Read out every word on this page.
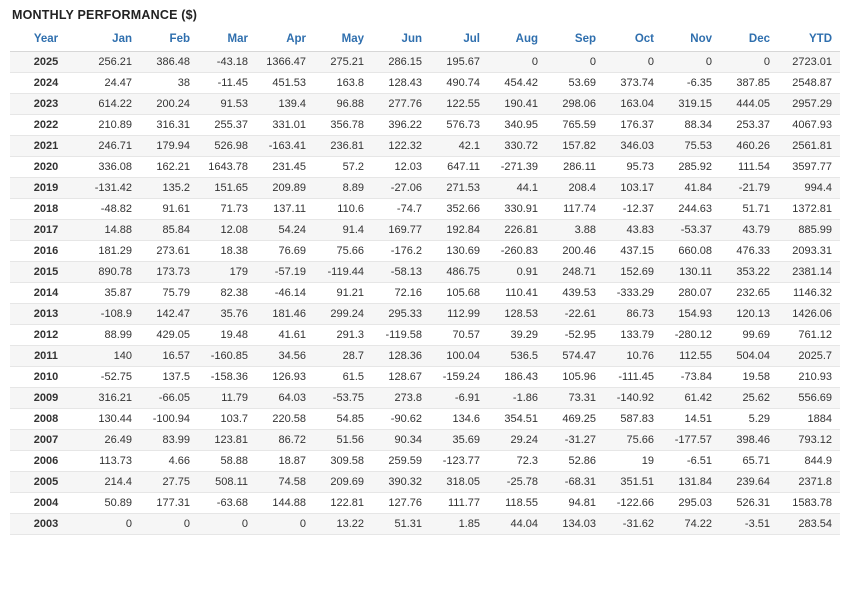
MONTHLY PERFORMANCE ($)
Year	Jan	Feb	Mar	Apr	May	Jun	Jul	Aug	Sep	Oct	Nov	Dec	YTD
2025	256.21	386.48	-43.18	1366.47	275.21	286.15	195.67	0	0	0	0	0	2723.01
2024	24.47	38	-11.45	451.53	163.8	128.43	490.74	454.42	53.69	373.74	-6.35	387.85	2548.87
2023	614.22	200.24	91.53	139.4	96.88	277.76	122.55	190.41	298.06	163.04	319.15	444.05	2957.29
2022	210.89	316.31	255.37	331.01	356.78	396.22	576.73	340.95	765.59	176.37	88.34	253.37	4067.93
2021	246.71	179.94	526.98	-163.41	236.81	122.32	42.1	330.72	157.82	346.03	75.53	460.26	2561.81
2020	336.08	162.21	1643.78	231.45	57.2	12.03	647.11	-271.39	286.11	95.73	285.92	111.54	3597.77
2019	-131.42	135.2	151.65	209.89	8.89	-27.06	271.53	44.1	208.4	103.17	41.84	-21.79	994.4
2018	-48.82	91.61	71.73	137.11	110.6	-74.7	352.66	330.91	117.74	-12.37	244.63	51.71	1372.81
2017	14.88	85.84	12.08	54.24	91.4	169.77	192.84	226.81	3.88	43.83	-53.37	43.79	885.99
2016	181.29	273.61	18.38	76.69	75.66	-176.2	130.69	-260.83	200.46	437.15	660.08	476.33	2093.31
2015	890.78	173.73	179	-57.19	-119.44	-58.13	486.75	0.91	248.71	152.69	130.11	353.22	2381.14
2014	35.87	75.79	82.38	-46.14	91.21	72.16	105.68	110.41	439.53	-333.29	280.07	232.65	1146.32
2013	-108.9	142.47	35.76	181.46	299.24	295.33	112.99	128.53	-22.61	86.73	154.93	120.13	1426.06
2012	88.99	429.05	19.48	41.61	291.3	-119.58	70.57	39.29	-52.95	133.79	-280.12	99.69	761.12
2011	140	16.57	-160.85	34.56	28.7	128.36	100.04	536.5	574.47	10.76	112.55	504.04	2025.7
2010	-52.75	137.5	-158.36	126.93	61.5	128.67	-159.24	186.43	105.96	-111.45	-73.84	19.58	210.93
2009	316.21	-66.05	11.79	64.03	-53.75	273.8	-6.91	-1.86	73.31	-140.92	61.42	25.62	556.69
2008	130.44	-100.94	103.7	220.58	54.85	-90.62	134.6	354.51	469.25	587.83	14.51	5.29	1884
2007	26.49	83.99	123.81	86.72	51.56	90.34	35.69	29.24	-31.27	75.66	-177.57	398.46	793.12
2006	113.73	4.66	58.88	18.87	309.58	259.59	-123.77	72.3	52.86	19	-6.51	65.71	844.9
2005	214.4	27.75	508.11	74.58	209.69	390.32	318.05	-25.78	-68.31	351.51	131.84	239.64	2371.8
2004	50.89	177.31	-63.68	144.88	122.81	127.76	111.77	118.55	94.81	-122.66	295.03	526.31	1583.78
2003	0	0	0	0	13.22	51.31	1.85	44.04	134.03	-31.62	74.22	-3.51	283.54
